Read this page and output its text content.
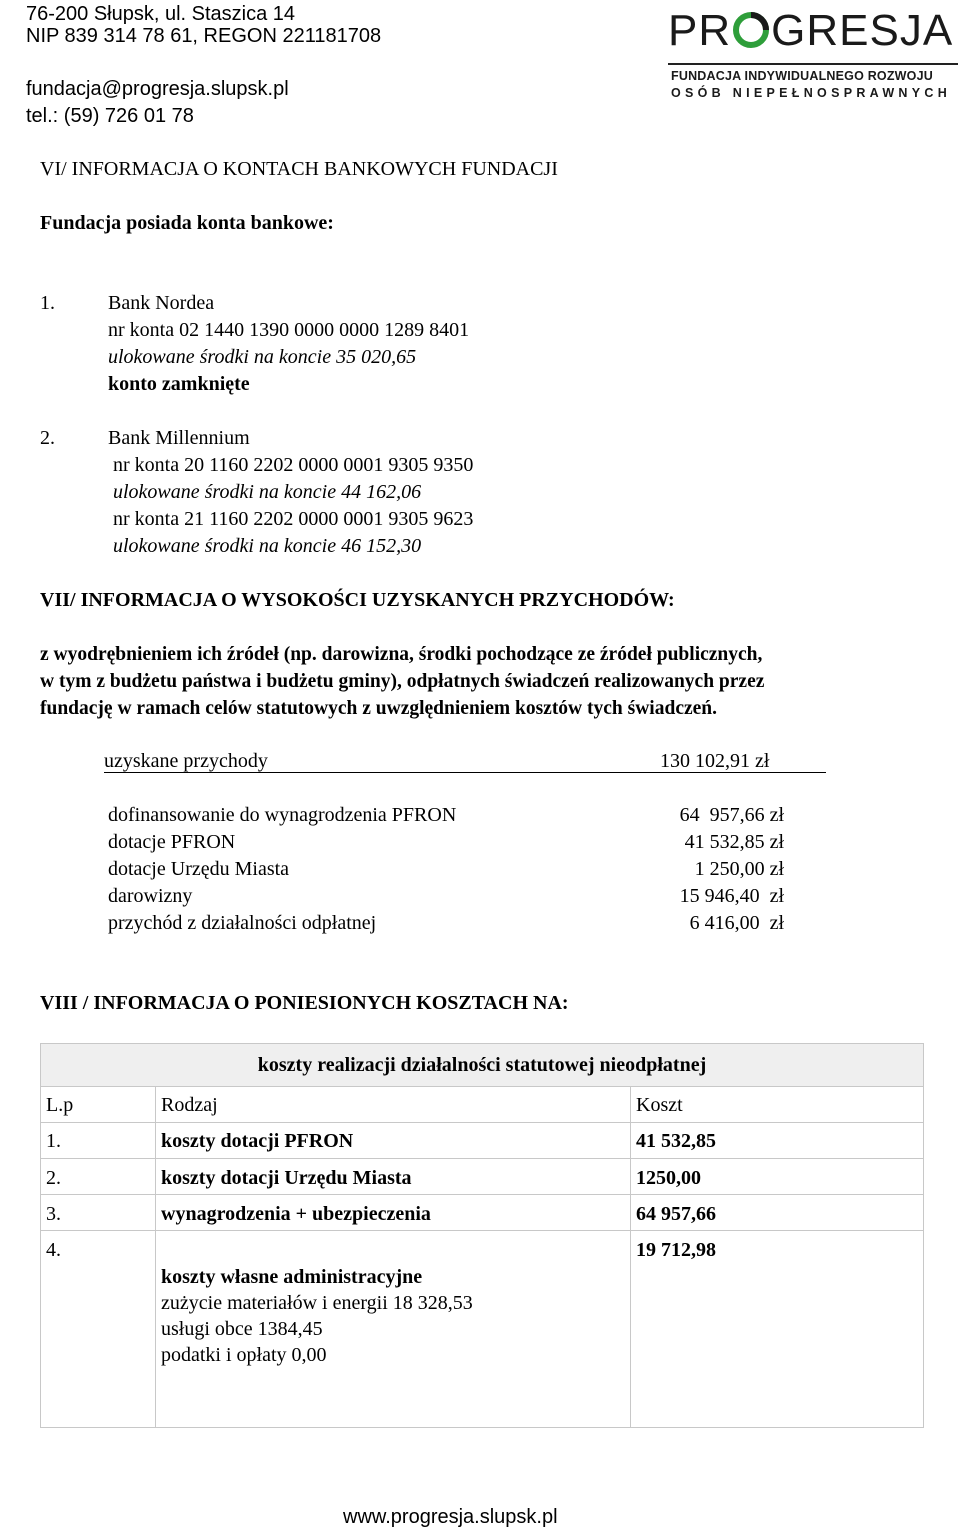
76-200 Słupsk, ul. Staszica 14
NIP 839 314 78 61, REGON 221181708
fundacja@progresja.slupsk.pl
tel.: (59) 726 01 78
PR GRESJA
FUNDACJA INDYWIDUALNEGO ROZWOJU
OSÓB NIEPEŁNOSPRAWNYCH
VI/ INFORMACJA O KONTACH BANKOWYCH FUNDACJI
Fundacja posiada konta bankowe:
1.	Bank Nordea
nr konta 02 1440 1390 0000 0000 1289 8401
ulokowane środki na koncie 35 020,65
konto zamknięte
2.	Bank Millennium
nr konta 20 1160 2202 0000 0001 9305 9350
ulokowane środki na koncie 44 162,06
nr konta 21 1160 2202 0000 0001 9305 9623
ulokowane środki na koncie 46 152,30
VII/ INFORMACJA O WYSOKOŚCI UZYSKANYCH PRZYCHODÓW:
z wyodrębnieniem ich źródeł (np. darowizna, środki pochodzące ze źródeł publicznych,
w tym z budżetu państwa i budżetu gminy), odpłatnych świadczeń realizowanych przez
fundację w ramach celów statutowych z uwzględnieniem kosztów tych świadczeń.
uzyskane przychody	130 102,91 zł
dofinansowanie do wynagrodzenia PFRON	64  957,66 zł
dotacje PFRON	41 532,85 zł
dotacje Urzędu Miasta	1 250,00 zł
darowizny	15 946,40  zł
przychód z działalności odpłatnej	6 416,00  zł
VIII / INFORMACJA O PONIESIONYCH KOSZTACH NA:
koszty realizacji działalności statutowej nieodpłatnej		
L.p	Rodzaj	Koszt
1.	koszty dotacji PFRON	41 532,85
2.	koszty dotacji Urzędu Miasta	1250,00
3.	wynagrodzenia + ubezpieczenia	64 957,66
4.	koszty własne administracyjne
zużycie materiałów i energii 18 328,53
usługi obce 1384,45
podatki i opłaty 0,00	19 712,98
www.progresja.slupsk.pl
